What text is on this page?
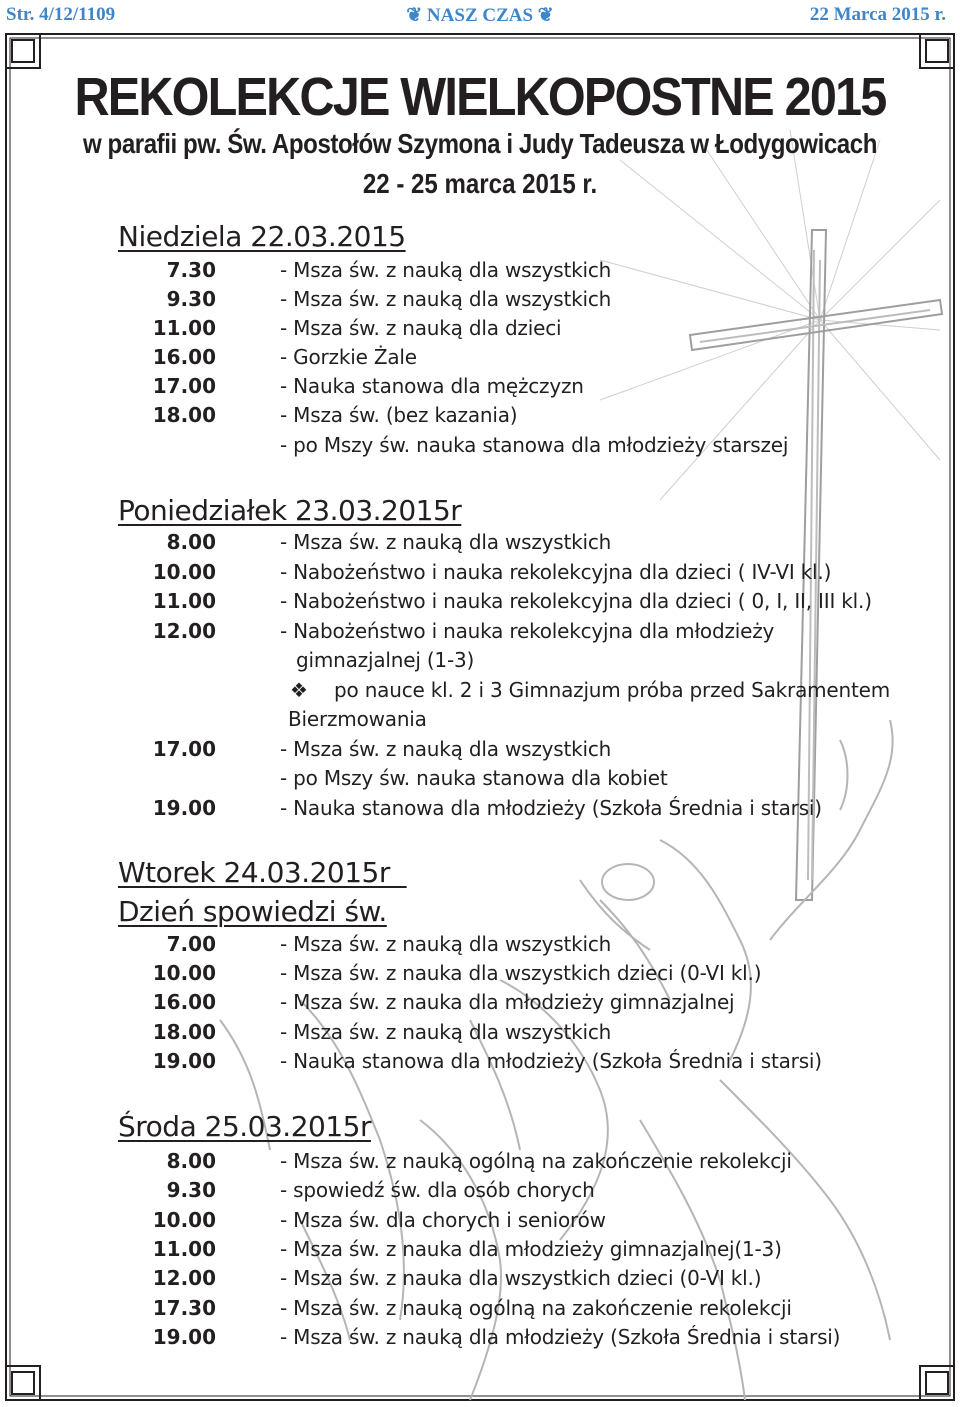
Str. 4/12/1109	❦ NASZ CZAS ❦	22 Marca 2015 r.
REKOLEKCJE WIELKOPOSTNE 2015
w parafii pw. Św. Apostołów Szymona i Judy Tadeusza w Łodygowicach
22 - 25 marca 2015 r.
Niedziela 22.03.2015
7.30	- Msza św. z nauką dla wszystkich
9.30	- Msza św. z nauką dla wszystkich
11.00	- Msza św. z nauką dla dzieci
16.00	- Gorzkie Żale
17.00	- Nauka stanowa dla mężczyzn
18.00	- Msza św. (bez kazania)
- po Mszy św. nauka stanowa dla młodzieży starszej
Poniedziałek 23.03.2015r
8.00	- Msza św. z nauką dla wszystkich
10.00	- Nabożeństwo i nauka rekolekcyjna dla dzieci ( IV-VI kl.)
11.00	- Nabożeństwo i nauka rekolekcyjna dla dzieci ( 0, I, II, III kl.)
12.00	- Nabożeństwo i nauka rekolekcyjna dla młodzieży
gimnazjalnej (1-3)
❖ po nauce kl. 2 i 3 Gimnazjum próba przed Sakramentem
Bierzmowania
17.00	- Msza św. z nauką dla wszystkich
- po Mszy św. nauka stanowa dla kobiet
19.00	- Nauka stanowa dla młodzieży (Szkoła Średnia i starsi)
Wtorek 24.03.2015r
Dzień spowiedzi św.
7.00	- Msza św. z nauką dla wszystkich
10.00	- Msza św. z nauka dla wszystkich dzieci (0-VI kl.)
16.00	- Msza św. z nauka dla młodzieży gimnazjalnej
18.00	- Msza św. z nauką dla wszystkich
19.00	- Nauka stanowa dla młodzieży (Szkoła Średnia i starsi)
Środa 25.03.2015r
8.00	- Msza św. z nauką ogólną na zakończenie rekolekcji
9.30	- spowiedź św. dla osób chorych
10.00	- Msza św. dla chorych i seniorów
11.00	- Msza św. z nauka dla młodzieży gimnazjalnej(1-3)
12.00	- Msza św. z nauka dla wszystkich dzieci (0-VI kl.)
17.30	- Msza św. z nauką ogólną na zakończenie rekolekcji
19.00	- Msza św. z nauką dla młodzieży (Szkoła Średnia i starsi)
